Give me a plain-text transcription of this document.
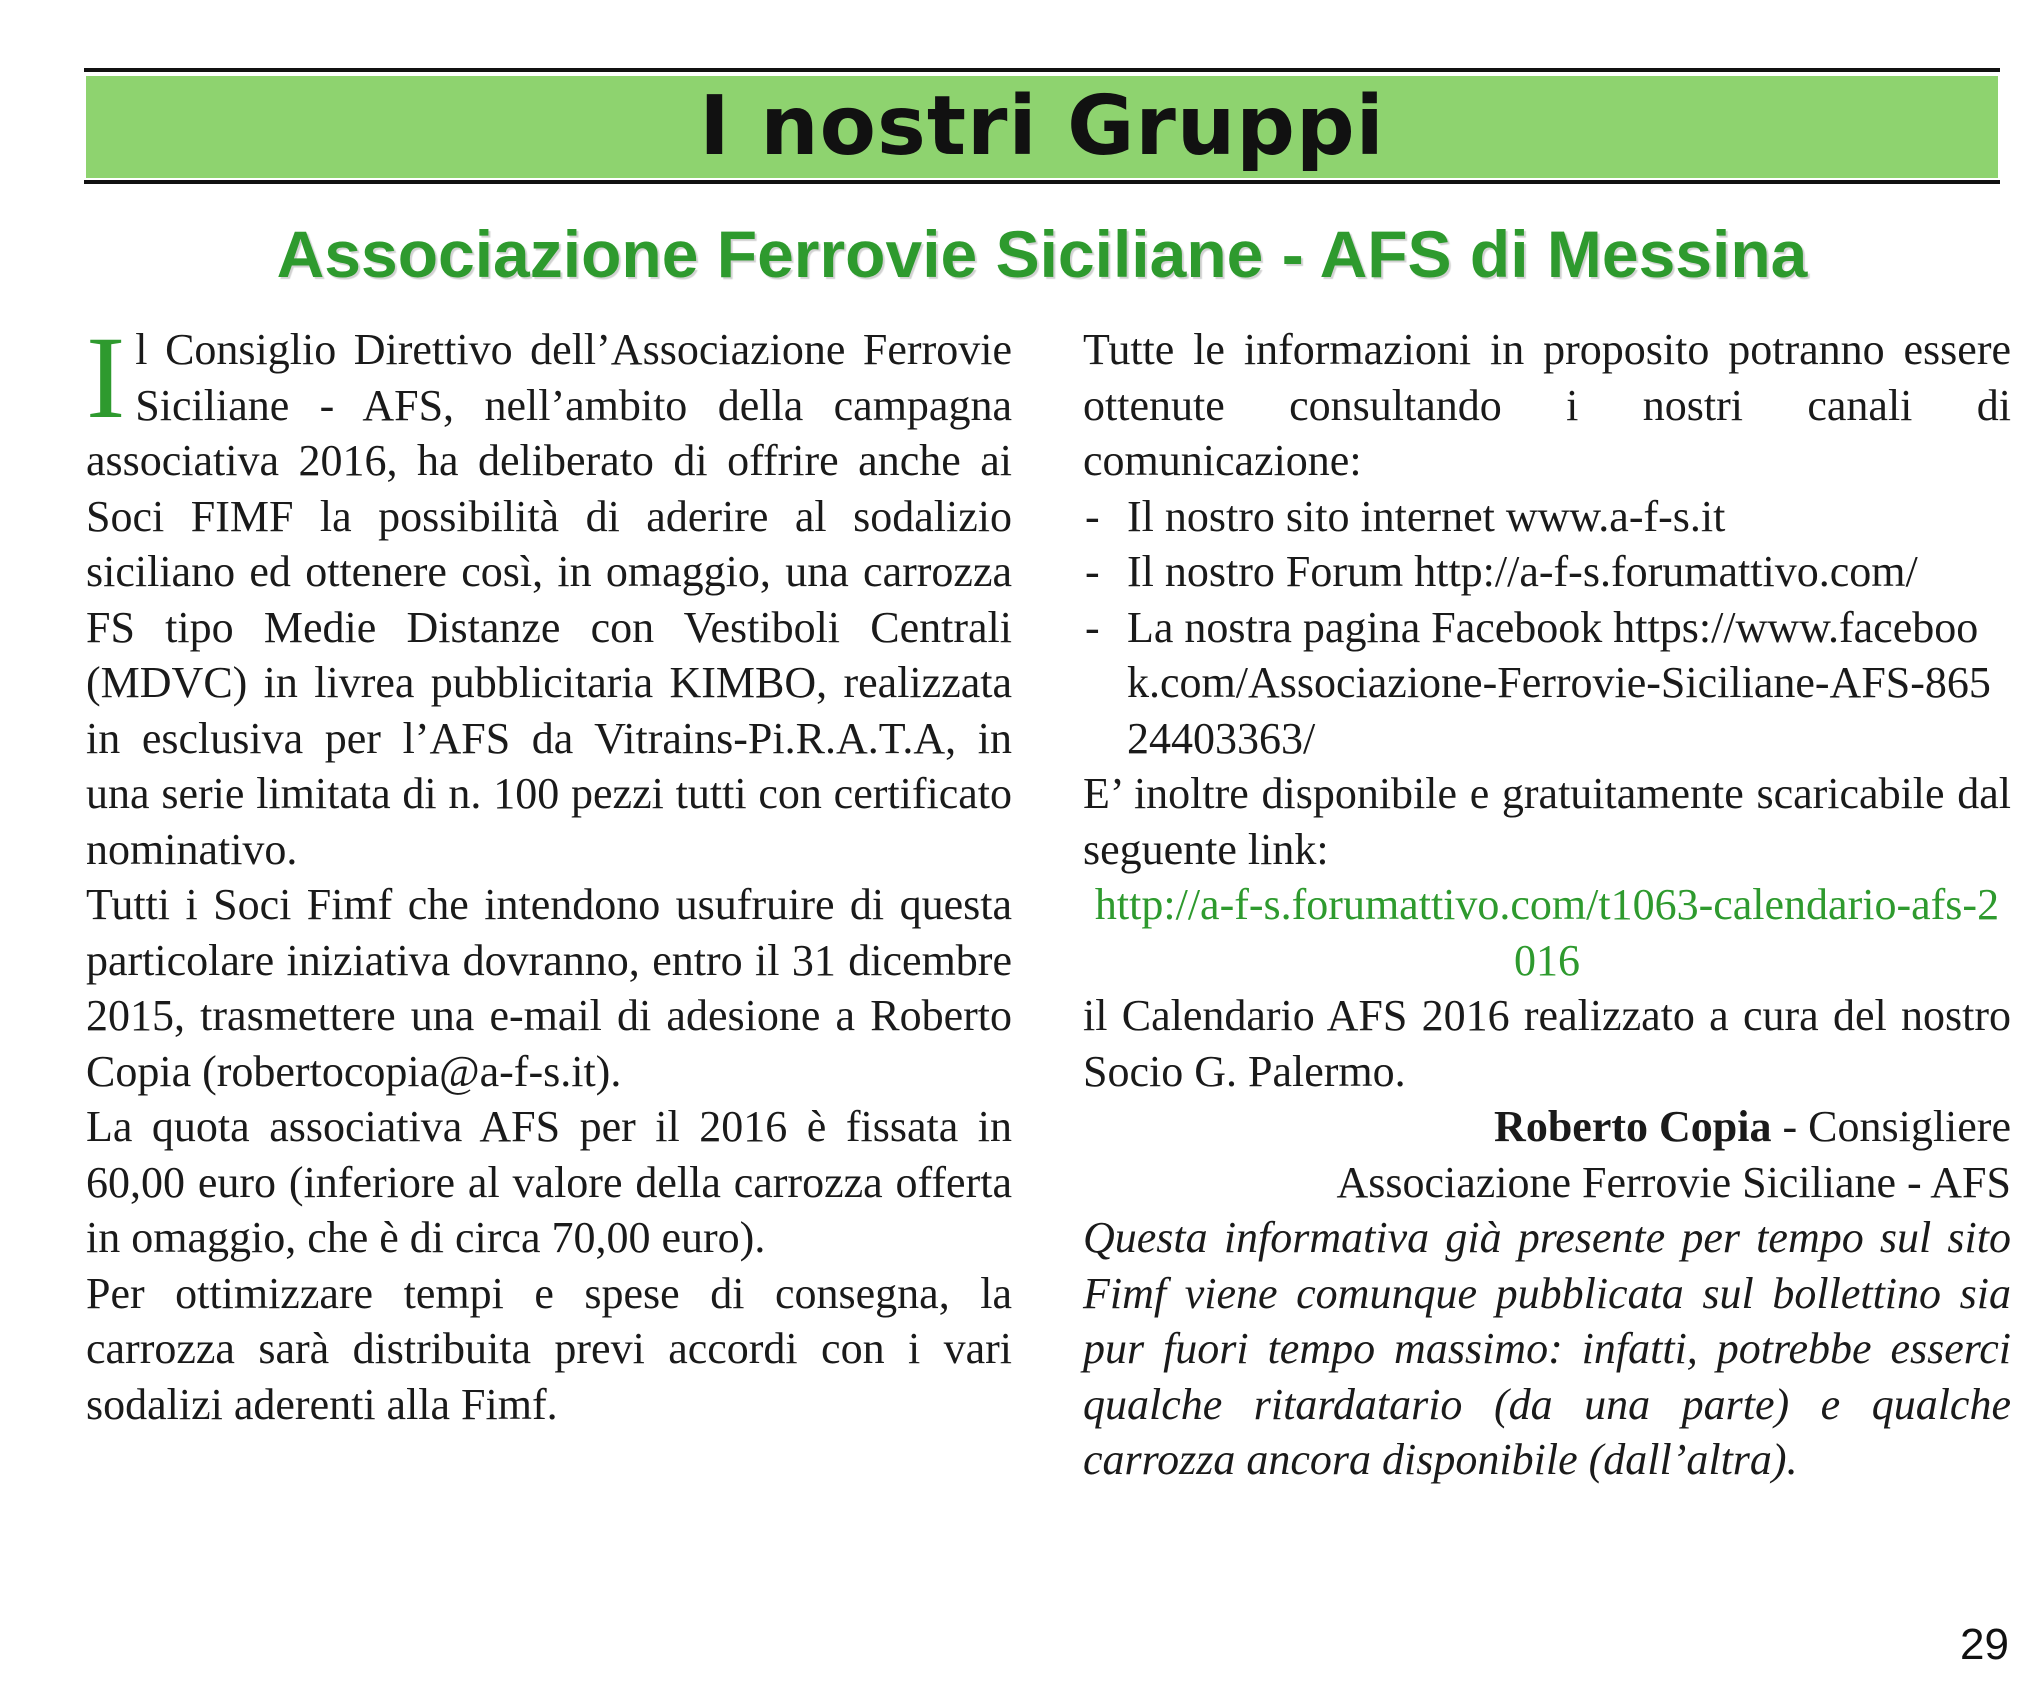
I nostri Gruppi
Associazione Ferrovie Siciliane - AFS di Messina

Il Consiglio Direttivo dell’Associazione Ferrovie Siciliane - AFS, nell’ambito della campagna associativa 2016, ha deliberato di offrire anche ai Soci FIMF la possibilità di aderire al sodalizio siciliano ed ottenere così, in omaggio, una carrozza FS tipo Medie Distanze con Vestiboli Centrali (MDVC) in livrea pubblicitaria KIMBO, realizzata in esclusiva per l’AFS da Vitrains-Pi.R.A.T.A, in una serie limitata di n. 100 pezzi tutti con certificato nominativo.

Tutti i Soci Fimf che intendono usufruire di questa particolare iniziativa dovranno, entro il 31 dicembre 2015, trasmettere una e-mail di adesione a Roberto Copia (robertocopia@a-f-s.it).

La quota associativa AFS per il 2016 è fissata in 60,00 euro (inferiore al valore della carrozza offerta in omaggio, che è di circa 70,00 euro).

Per ottimizzare tempi e spese di consegna, la carrozza sarà distribuita previ accordi con i vari sodalizi aderenti alla Fimf.

Tutte le informazioni in proposito potranno essere ottenute consultando i nostri canali di comunicazione:

- Il nostro sito internet www.a-f-s.it
- Il nostro Forum http://a-f-s.forumattivo.com/
- La nostra pagina Facebook https://www.facebook.com/Associazione-Ferrovie-Siciliane-AFS-86524403363/

E’ inoltre disponibile e gratuitamente scaricabile dal seguente link:

http://a-f-s.forumattivo.com/t1063-calendario-afs-2016

il Calendario AFS 2016 realizzato a cura del nostro Socio G. Palermo.

Roberto Copia - Consigliere

Associazione Ferrovie Siciliane - AFS

Questa informativa già presente per tempo sul sito Fimf viene comunque pubblicata sul bollettino sia pur fuori tempo massimo: infatti, potrebbe esserci qualche ritardatario (da una parte) e qualche carrozza ancora disponibile (dall’altra).

29
